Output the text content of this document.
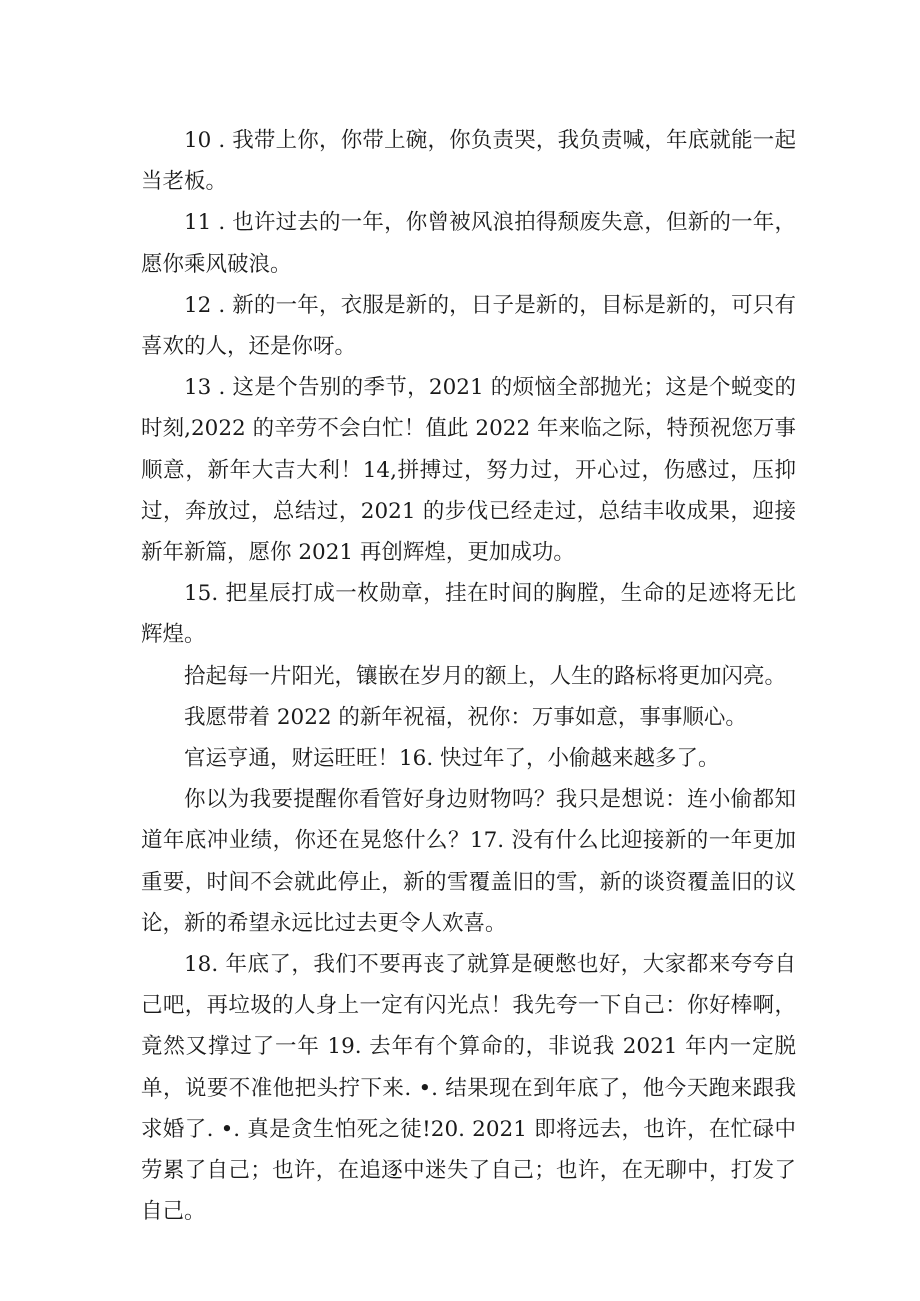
10 . 我带上你，你带上碗，你负责哭，我负责喊，年底就能一起当老板。

11 . 也许过去的一年，你曾被风浪拍得颓废失意，但新的一年，愿你乘风破浪。

12 . 新的一年，衣服是新的，日子是新的，目标是新的，可只有喜欢的人，还是你呀。

13 . 这是个告别的季节，2021 的烦恼全部抛光；这是个蜕变的时刻,2022 的辛劳不会白忙！值此 2022 年来临之际，特预祝您万事顺意，新年大吉大利！14,拼搏过，努力过，开心过，伤感过，压抑过，奔放过，总结过，2021 的步伐已经走过，总结丰收成果，迎接新年新篇，愿你 2021 再创辉煌，更加成功。

15. 把星辰打成一枚勋章，挂在时间的胸膛，生命的足迹将无比辉煌。

拾起每一片阳光，镶嵌在岁月的额上，人生的路标将更加闪亮。

我愿带着 2022 的新年祝福，祝你：万事如意，事事顺心。

官运亨通，财运旺旺！16. 快过年了，小偷越来越多了。

你以为我要提醒你看管好身边财物吗？我只是想说：连小偷都知道年底冲业绩，你还在晃悠什么？17. 没有什么比迎接新的一年更加重要，时间不会就此停止，新的雪覆盖旧的雪，新的谈资覆盖旧的议论，新的希望永远比过去更令人欢喜。

18. 年底了，我们不要再丧了就算是硬憋也好，大家都来夸夸自己吧，再垃圾的人身上一定有闪光点！我先夸一下自己：你好棒啊，竟然又撑过了一年 19. 去年有个算命的，非说我 2021 年内一定脱单，说要不准他把头拧下来. •. 结果现在到年底了，他今天跑来跟我求婚了. •. 真是贪生怕死之徒!20. 2021 即将远去，也许，在忙碌中劳累了自己；也许，在追逐中迷失了自己；也许，在无聊中，打发了自己。
